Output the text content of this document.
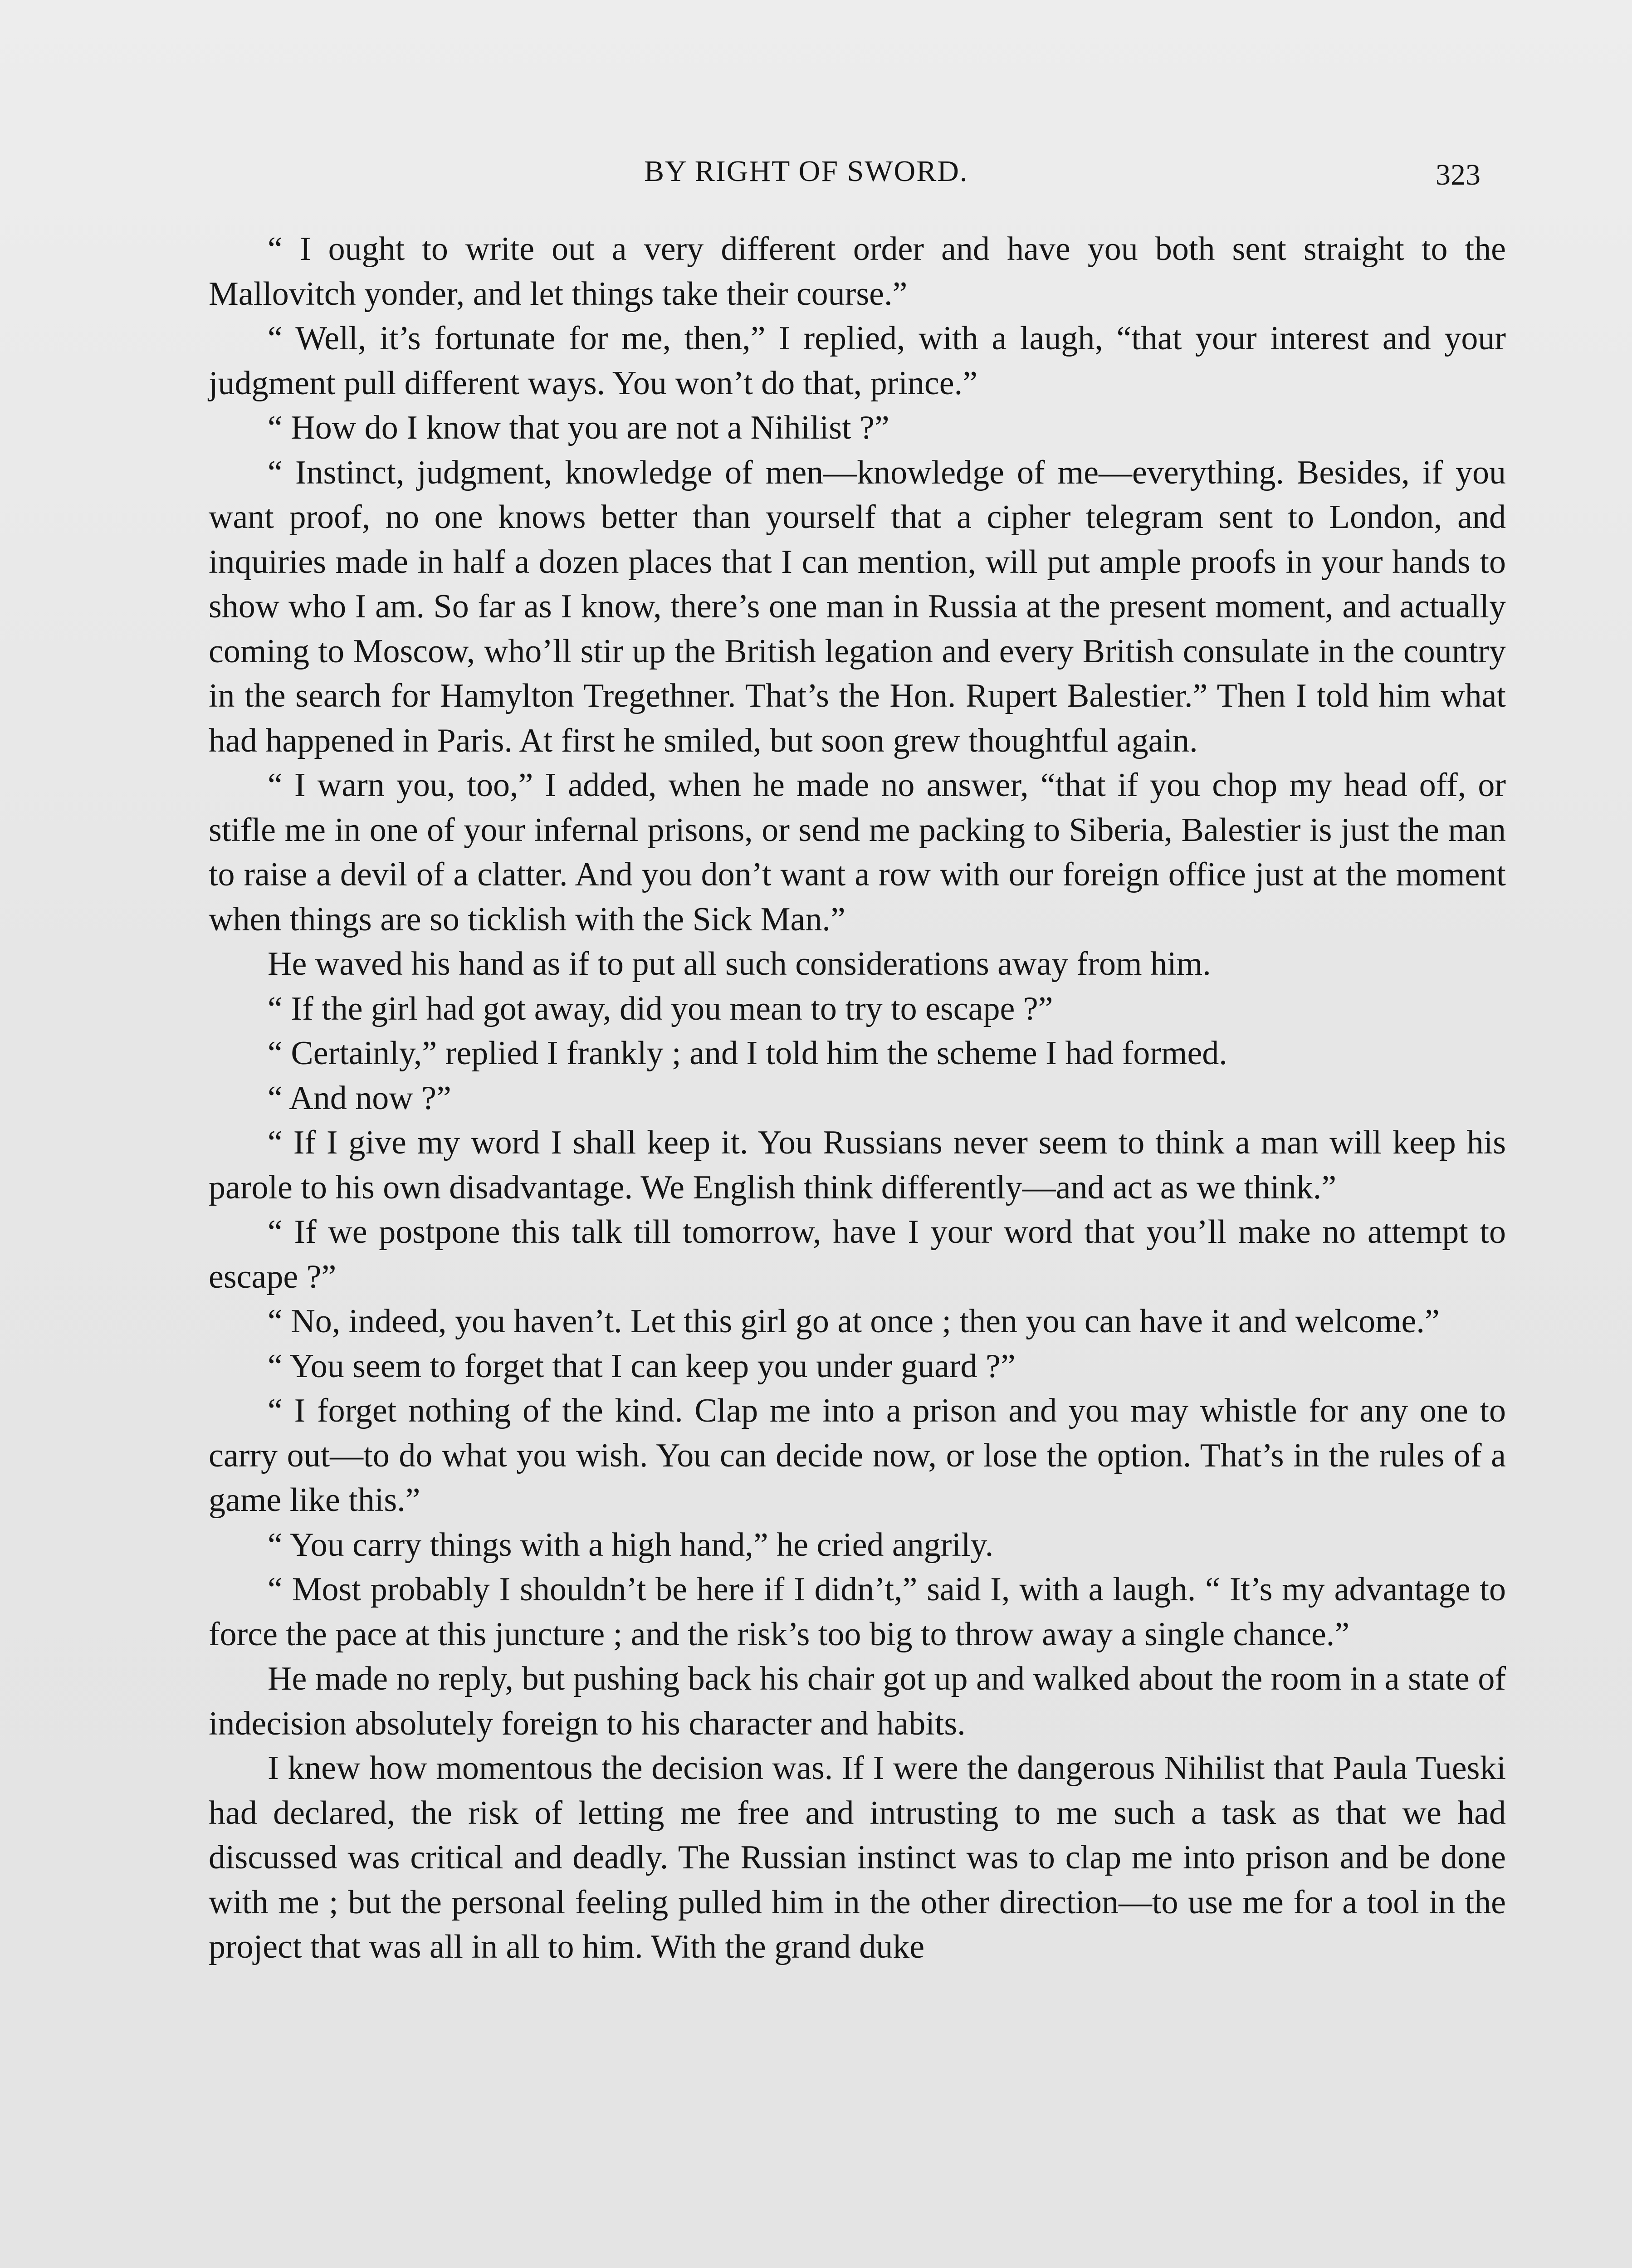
BY RIGHT OF SWORD.	323

“ I ought to write out a very different order and have you both sent straight to the Mallovitch yonder, and let things take their course.”

“ Well, it’s fortunate for me, then,” I replied, with a laugh, “that your interest and your judgment pull different ways. You won’t do that, prince.”

“ How do I know that you are not a Nihilist ?”

“ Instinct, judgment, knowledge of men—knowledge of me—everything. Besides, if you want proof, no one knows better than yourself that a cipher telegram sent to London, and inquiries made in half a dozen places that I can mention, will put ample proofs in your hands to show who I am. So far as I know, there’s one man in Russia at the present moment, and actually coming to Moscow, who’ll stir up the British legation and every British consulate in the country in the search for Hamylton Tregethner. That’s the Hon. Rupert Balestier.” Then I told him what had happened in Paris. At first he smiled, but soon grew thoughtful again.

“ I warn you, too,” I added, when he made no answer, “that if you chop my head off, or stifle me in one of your infernal prisons, or send me packing to Siberia, Balestier is just the man to raise a devil of a clatter. And you don’t want a row with our foreign office just at the moment when things are so ticklish with the Sick Man.”

He waved his hand as if to put all such considerations away from him.

“ If the girl had got away, did you mean to try to escape ?”

“ Certainly,” replied I frankly ; and I told him the scheme I had formed.

“ And now ?”

“ If I give my word I shall keep it. You Russians never seem to think a man will keep his parole to his own disadvantage. We English think differently—and act as we think.”

“ If we postpone this talk till tomorrow, have I your word that you’ll make no attempt to escape ?”

“ No, indeed, you haven’t. Let this girl go at once ; then you can have it and welcome.”

“ You seem to forget that I can keep you under guard ?”

“ I forget nothing of the kind. Clap me into a prison and you may whistle for any one to carry out—to do what you wish. You can decide now, or lose the option. That’s in the rules of a game like this.”

“ You carry things with a high hand,” he cried angrily.

“ Most probably I shouldn’t be here if I didn’t,” said I, with a laugh. “ It’s my advantage to force the pace at this juncture ; and the risk’s too big to throw away a single chance.”

He made no reply, but pushing back his chair got up and walked about the room in a state of indecision absolutely foreign to his character and habits.

I knew how momentous the decision was. If I were the dangerous Nihilist that Paula Tueski had declared, the risk of letting me free and intrusting to me such a task as that we had discussed was critical and deadly. The Russian instinct was to clap me into prison and be done with me ; but the personal feeling pulled him in the other direction—to use me for a tool in the project that was all in all to him. With the grand duke
